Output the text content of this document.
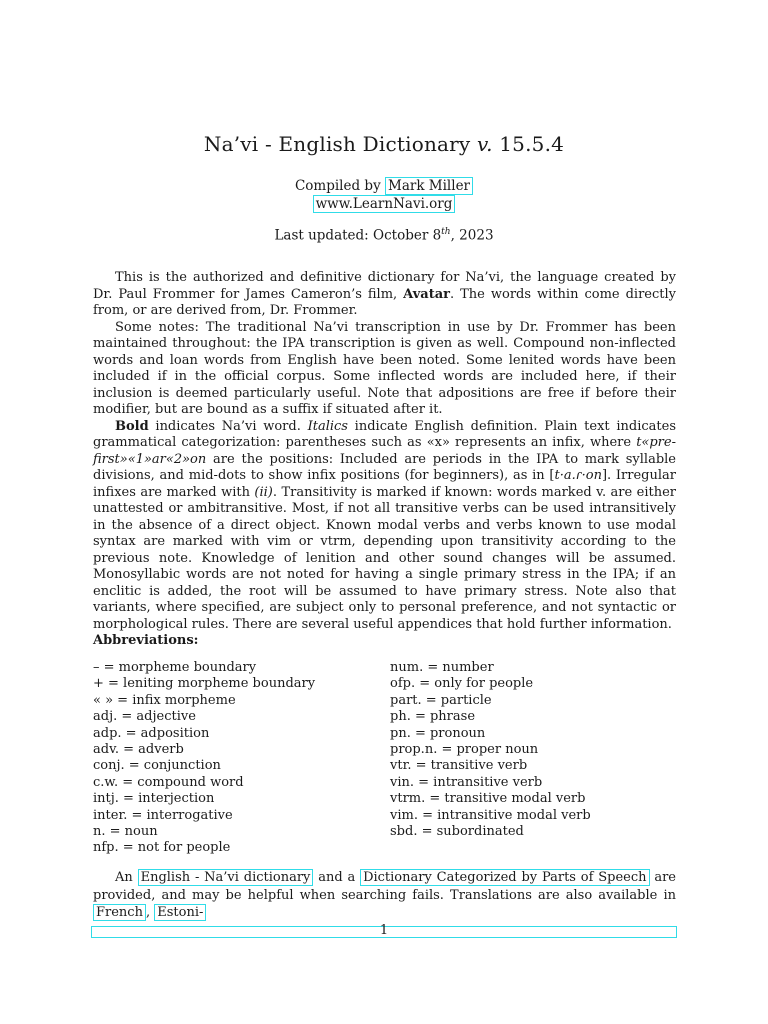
Na’vi - English Dictionary v. 15.5.4
Compiled by Mark Miller
www.LearnNavi.org
Last updated: October 8th, 2023

This is the authorized and definitive dictionary for Na’vi, the language created by Dr. Paul Frommer for James Cameron’s film, Avatar. The words within come directly from, or are derived from, Dr. Frommer.

Some notes: The traditional Na’vi transcription in use by Dr. Frommer has been maintained throughout: the IPA transcription is given as well. Compound non-inflected words and loan words from English have been noted. Some lenited words have been included if in the official corpus. Some inflected words are included here, if their inclusion is deemed particularly useful. Note that adpositions are free if before their modifier, but are bound as a suffix if situated after it.

Bold indicates Na’vi word. Italics indicate English definition. Plain text indicates grammatical categorization: parentheses such as «x» represents an infix, where t«pre-first»«1»ar«2»on are the positions: Included are periods in the IPA to mark syllable divisions, and mid-dots to show infix positions (for beginners), as in [t·a.ɾ·on]. Irregular infixes are marked with (ii). Transitivity is marked if known: words marked v. are either unattested or ambitransitive. Most, if not all transitive verbs can be used intransitively in the absence of a direct object. Known modal verbs and verbs known to use modal syntax are marked with vim or vtrm, depending upon transitivity according to the previous note. Knowledge of lenition and other sound changes will be assumed. Monosyllabic words are not noted for having a single primary stress in the IPA; if an enclitic is added, the root will be assumed to have primary stress. Note also that variants, where specified, are subject only to personal preference, and not syntactic or morphological rules. There are several useful appendices that hold further information.

Abbreviations:
– = morpheme boundary
+ = leniting morpheme boundary
« » = infix morpheme
adj. = adjective
adp. = adposition
adv. = adverb
conj. = conjunction
c.w. = compound word
intj. = interjection
inter. = interrogative
n. = noun
nfp. = not for people
num. = number
ofp. = only for people
part. = particle
ph. = phrase
pn. = pronoun
prop.n. = proper noun
vtr. = transitive verb
vin. = intransitive verb
vtrm. = transitive modal verb
vim. = intransitive modal verb
sbd. = subordinated

An English - Na’vi dictionary and a Dictionary Categorized by Parts of Speech are provided, and may be helpful when searching fails. Translations are also available in French , Estoni-

1
